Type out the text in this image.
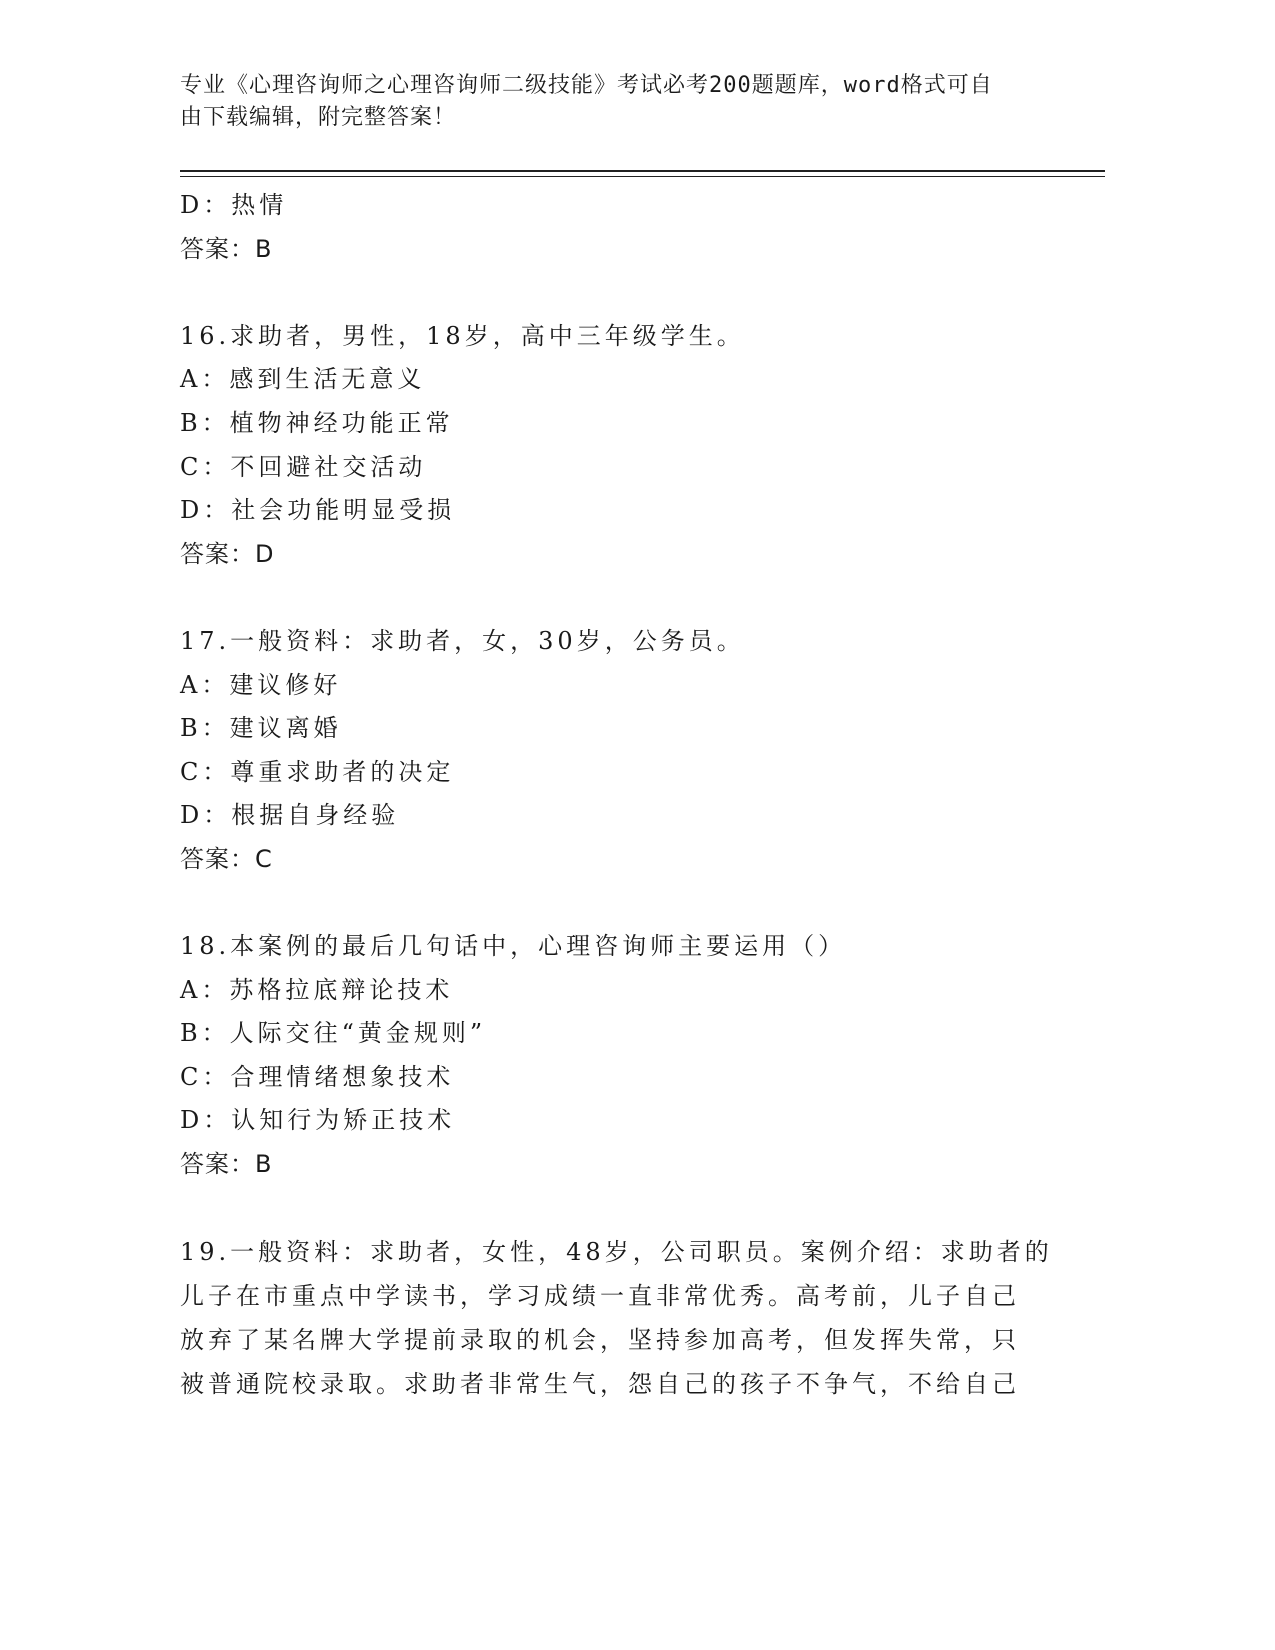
专业《心理咨询师之心理咨询师二级技能》考试必考200题题库，word格式可自
由下载编辑，附完整答案！
D：热情
答案：B
16.求助者，男性，18岁，高中三年级学生。
A：感到生活无意义
B：植物神经功能正常
C：不回避社交活动
D：社会功能明显受损
答案：D
17.一般资料：求助者，女，30岁，公务员。
A：建议修好
B：建议离婚
C：尊重求助者的决定
D：根据自身经验
答案：C
18.本案例的最后几句话中，心理咨询师主要运用（）
A：苏格拉底辩论技术
B：人际交往“黄金规则”
C：合理情绪想象技术
D：认知行为矫正技术
答案：B
19.一般资料：求助者，女性，48岁，公司职员。案例介绍：求助者的
儿子在市重点中学读书，学习成绩一直非常优秀。高考前，儿子自己
放弃了某名牌大学提前录取的机会，坚持参加高考，但发挥失常，只
被普通院校录取。求助者非常生气，怨自己的孩子不争气，不给自己
